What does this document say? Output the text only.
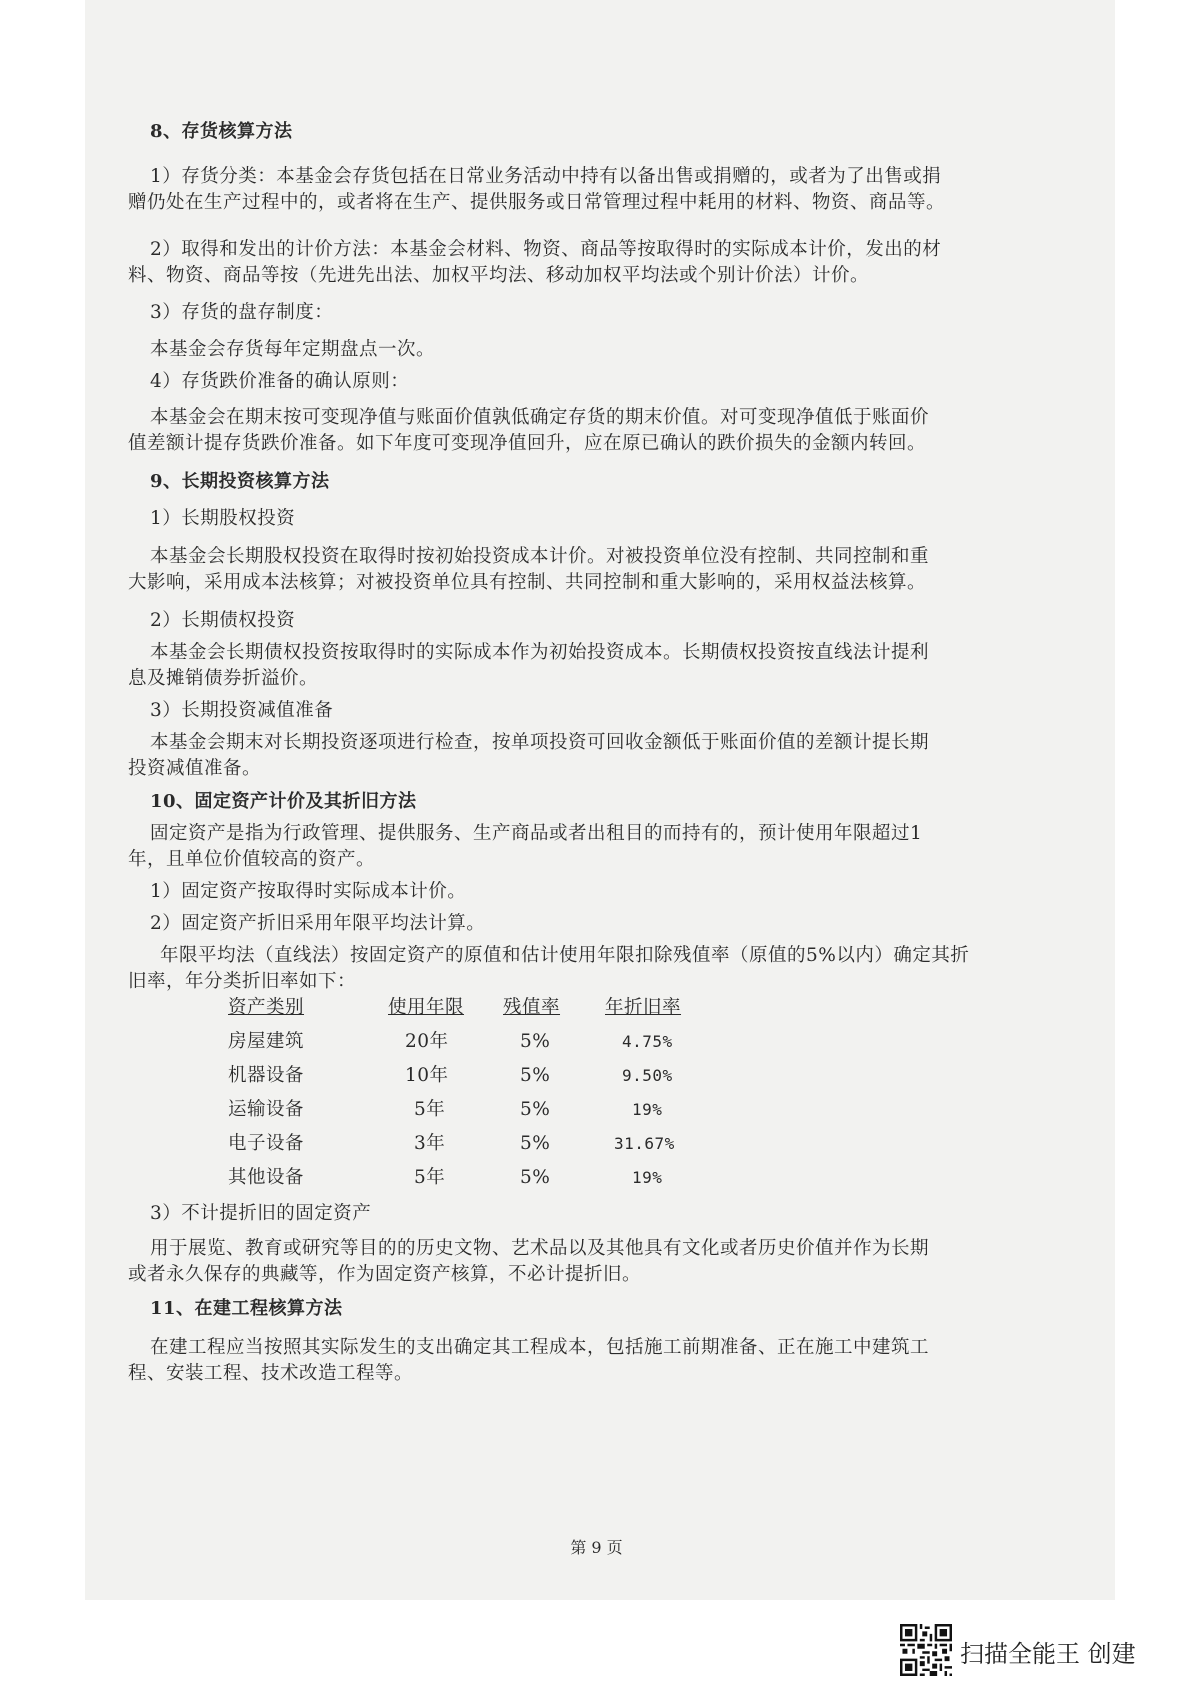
8、存货核算方法
1）存货分类：本基金会存货包括在日常业务活动中持有以备出售或捐赠的，或者为了出售或捐
赠仍处在生产过程中的，或者将在生产、提供服务或日常管理过程中耗用的材料、物资、商品等。
2）取得和发出的计价方法：本基金会材料、物资、商品等按取得时的实际成本计价，发出的材
料、物资、商品等按（先进先出法、加权平均法、移动加权平均法或个别计价法）计价。
3）存货的盘存制度：
本基金会存货每年定期盘点一次。
4）存货跌价准备的确认原则：
本基金会在期末按可变现净值与账面价值孰低确定存货的期末价值。对可变现净值低于账面价
值差额计提存货跌价准备。如下年度可变现净值回升，应在原已确认的跌价损失的金额内转回。
9、长期投资核算方法
1）长期股权投资
本基金会长期股权投资在取得时按初始投资成本计价。对被投资单位没有控制、共同控制和重
大影响，采用成本法核算；对被投资单位具有控制、共同控制和重大影响的，采用权益法核算。
2）长期债权投资
本基金会长期债权投资按取得时的实际成本作为初始投资成本。长期债权投资按直线法计提利
息及摊销债券折溢价。
3）长期投资减值准备
本基金会期末对长期投资逐项进行检查，按单项投资可回收金额低于账面价值的差额计提长期
投资减值准备。
10、固定资产计价及其折旧方法
固定资产是指为行政管理、提供服务、生产商品或者出租目的而持有的，预计使用年限超过1
年，且单位价值较高的资产。
1）固定资产按取得时实际成本计价。
2）固定资产折旧采用年限平均法计算。
年限平均法（直线法）按固定资产的原值和估计使用年限扣除残值率（原值的5%以内）确定其折
旧率，年分类折旧率如下：
资产类别	使用年限 残值率 年折旧率
房屋建筑	20年	5%	4.75%
机器设备	10年	5%	9.50%
运输设备	5年	5%	19%
电子设备	3年	5%	31.67%
其他设备	5年	5%	19%
3）不计提折旧的固定资产
用于展览、教育或研究等目的的历史文物、艺术品以及其他具有文化或者历史价值并作为长期
或者永久保存的典藏等，作为固定资产核算，不必计提折旧。
11、在建工程核算方法
在建工程应当按照其实际发生的支出确定其工程成本，包括施工前期准备、正在施工中建筑工
程、安装工程、技术改造工程等。
第 9 页
扫描全能王 创建
